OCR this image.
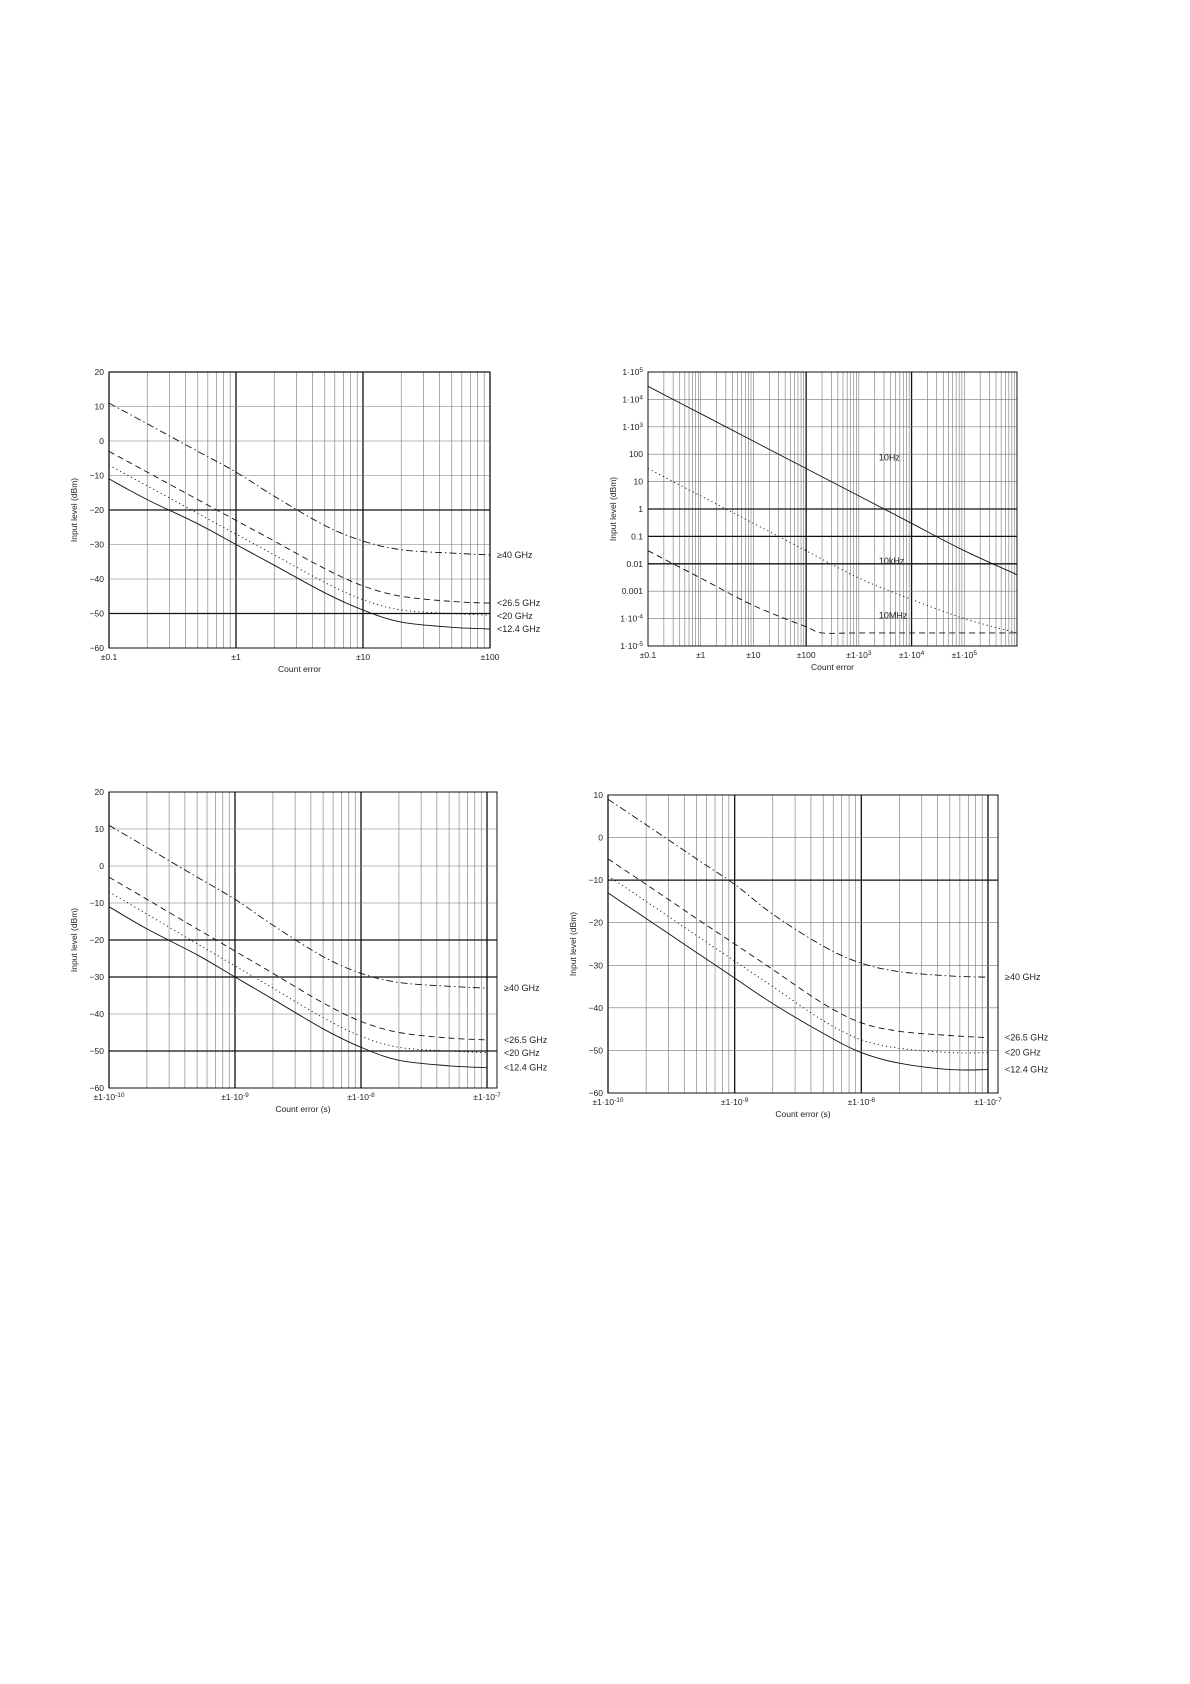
20
10
0
−10
−20
−30
−40
−50
−60
±0.1	±1	±10	±100
Count error
Input level (dBm)
≥40 GHz
<26.5 GHz
<20 GHz
<12.4 GHz
$1\cdot 10^5$
$1\cdot 10^4$
$1\cdot 10^3$
100
10
1
0.1
0.01
0.001
$1\cdot 10^{-4}$
$1\cdot 10^{-5}$
±0.1	±1	±10	±100	$\pm 1\cdot 10^3$	$\pm 1\cdot 10^4$	$\pm 1\cdot 10^5$
Count error
Input level (dBm)
10Hz
10kHz
10MHz
20
10
0
−10
−20
−30
−40
−50
−60
$\pm 1\cdot 10^{-10}$	$\pm 1\cdot 10^{-9}$	$\pm 1\cdot 10^{-8}$	$\pm 1\cdot 10^{-7}$
Count error (s)
Input level (dBm)
≥40 GHz
<26.5 GHz
<20 GHz
<12.4 GHz
10
0
−10
−20
−30
−40
−50
−60
$\pm 1\cdot 10^{-10}$	$\pm 1\cdot 10^{-9}$	$\pm 1\cdot 10^{-8}$	$\pm 1\cdot 10^{-7}$
Count error (s)
Input level (dBm)
≥40 GHz
<26.5 GHz
<20 GHz
<12.4 GHz
